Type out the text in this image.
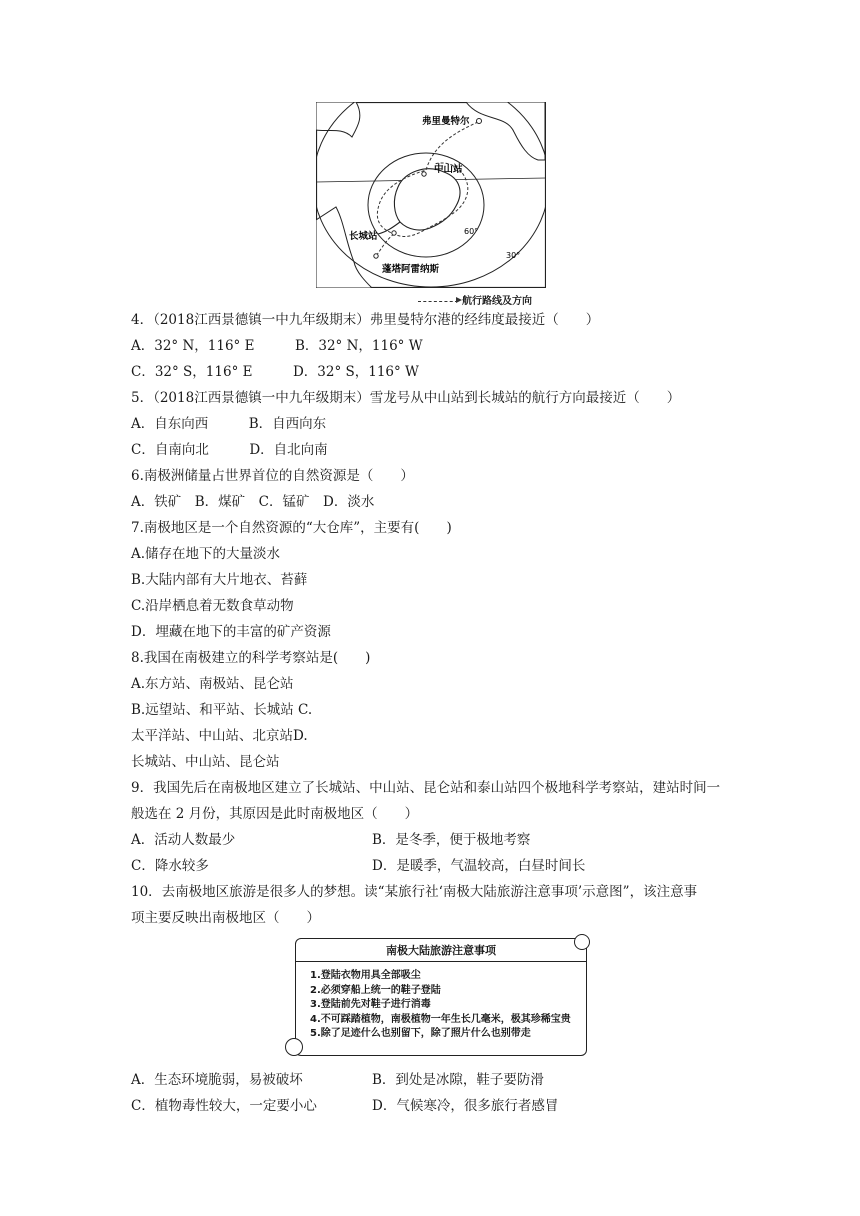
弗里曼特尔
中山站
长城站
蓬塔阿雷纳斯
60°
30°
航行路线及方向
4．（2018江西景德镇一中九年级期末）弗里曼特尔港的经纬度最接近（　　）
A．32° N，116° E　　　B．32° N，116° W
C．32° S，116° E　　　D．32° S，116° W
5．（2018江西景德镇一中九年级期末）雪龙号从中山站到长城站的航行方向最接近（　　）
A．自东向西　　　B．自西向东
C．自南向北　　　D．自北向南
6.南极洲储量占世界首位的自然资源是（　　）
A．铁矿　B．煤矿　C．锰矿　D．淡水
7.南极地区是一个自然资源的“大仓库”，主要有(　　)
A.储存在地下的大量淡水
B.大陆内部有大片地衣、苔藓
C.沿岸栖息着无数食草动物
D．埋藏在地下的丰富的矿产资源
8.我国在南极建立的科学考察站是(　　)
A.东方站、南极站、昆仑站
B.远望站、和平站、长城站 C.
太平洋站、中山站、北京站D.
长城站、中山站、昆仑站
9．我国先后在南极地区建立了长城站、中山站、昆仑站和泰山站四个极地科学考察站，建站时间一
般选在 2 月份，其原因是此时南极地区（　　）
A．活动人数最少	B．是冬季，便于极地考察
C．降水较多	D．是暖季，气温较高，白昼时间长
10．去南极地区旅游是很多人的梦想。读“某旅行社‘南极大陆旅游注意事项’示意图”，该注意事
项主要反映出南极地区（　　）
南极大陆旅游注意事项
1.登陆衣物用具全部吸尘
2.必须穿船上统一的鞋子登陆
3.登陆前先对鞋子进行消毒
4.不可踩踏植物，南极植物一年生长几毫米，极其珍稀宝贵
5.除了足迹什么也别留下，除了照片什么也别带走
A．生态环境脆弱，易被破坏	B．到处是冰隙，鞋子要防滑
C．植物毒性较大，一定要小心	D．气候寒冷，很多旅行者感冒
